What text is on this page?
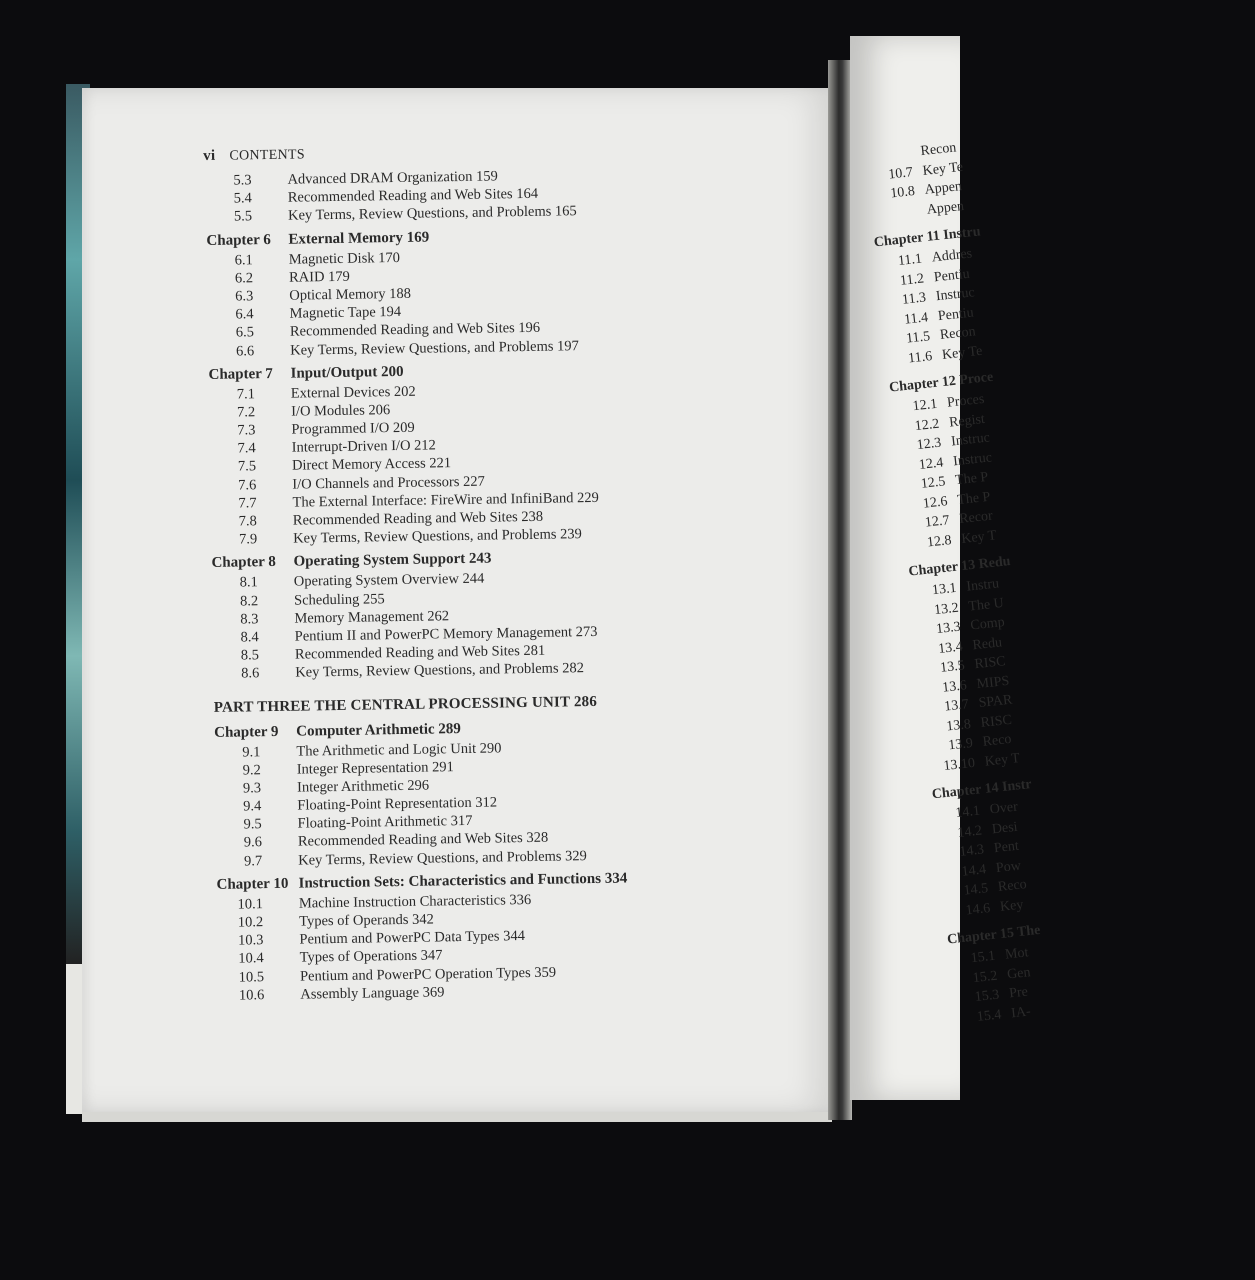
vi CONTENTS
5.3 Advanced DRAM Organization 159
5.4 Recommended Reading and Web Sites 164
5.5 Key Terms, Review Questions, and Problems 165
Chapter 6 External Memory 169
6.1 Magnetic Disk 170
6.2 RAID 179
6.3 Optical Memory 188
6.4 Magnetic Tape 194
6.5 Recommended Reading and Web Sites 196
6.6 Key Terms, Review Questions, and Problems 197
Chapter 7 Input/Output 200
7.1 External Devices 202
7.2 I/O Modules 206
7.3 Programmed I/O 209
7.4 Interrupt-Driven I/O 212
7.5 Direct Memory Access 221
7.6 I/O Channels and Processors 227
7.7 The External Interface: FireWire and InfiniBand 229
7.8 Recommended Reading and Web Sites 238
7.9 Key Terms, Review Questions, and Problems 239
Chapter 8 Operating System Support 243
8.1 Operating System Overview 244
8.2 Scheduling 255
8.3 Memory Management 262
8.4 Pentium II and PowerPC Memory Management 273
8.5 Recommended Reading and Web Sites 281
8.6 Key Terms, Review Questions, and Problems 282
PART THREE THE CENTRAL PROCESSING UNIT 286
Chapter 9 Computer Arithmetic 289
9.1 The Arithmetic and Logic Unit 290
9.2 Integer Representation 291
9.3 Integer Arithmetic 296
9.4 Floating-Point Representation 312
9.5 Floating-Point Arithmetic 317
9.6 Recommended Reading and Web Sites 328
9.7 Key Terms, Review Questions, and Problems 329
Chapter 10 Instruction Sets: Characteristics and Functions 334
10.1 Machine Instruction Characteristics 336
10.2 Types of Operands 342
10.3 Pentium and PowerPC Data Types 344
10.4 Types of Operations 347
10.5 Pentium and PowerPC Operation Types 359
10.6 Assembly Language 369
Recon
10.7 Key Te
10.8 Appen
Appen
Chapter 11 Instru
11.1 Addres
11.2 Pentiu
11.3 Instruc
11.4 Pentiu
11.5 Recon
11.6 Key Te
Chapter 12 Proce
12.1 Proces
12.2 Regist
12.3 Instruc
12.4 Instruc
12.5 The P
12.6 The P
12.7 Recor
12.8 Key T
Chapter 13 Redu
13.1 Instru
13.2 The U
13.3 Comp
13.4 Redu
13.5 RISC
13.6 MIPS
13.7 SPAR
13.8 RISC
13.9 Reco
13.10 Key T
Chapter 14 Instr
14.1 Over
14.2 Desi
14.3 Pent
14.4 Pow
14.5 Reco
14.6 Key
Chapter 15 The
15.1 Mot
15.2 Gen
15.3 Pre
15.4 IA-
